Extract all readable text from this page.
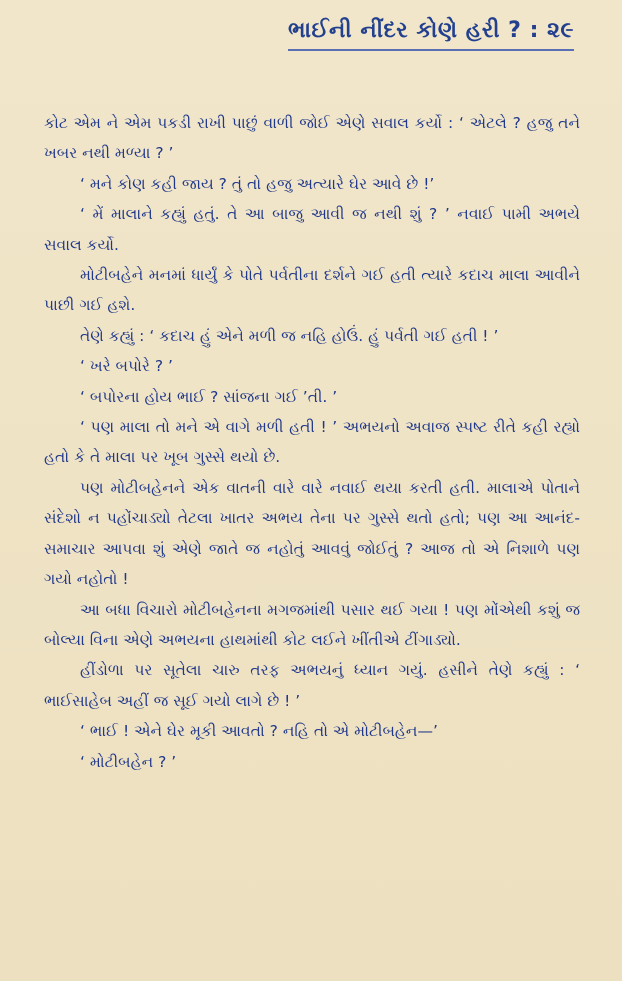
ભાઈની નીંદર કોણે હરી ? : ૨૯

કોટ એમ ને એમ પકડી રાખી પાછું વાળી જોઈ એણે સવાલ કર્યો : ‘ એટલે ? હજુ તને ખબર નથી મળ્યા ? ’

‘ મને કોણ કહી જાય ? તું તો હજુ અત્યારે ઘેર આવે છે !’

‘ મેં માલાને કહ્યું હતું. તે આ બાજુ આવી જ નથી શું ? ’ નવાઈ પામી અભયે સવાલ કર્યો.

મોટીબહેને મનમાં ધાર્યું કે પોતે પર્વતીના દર્શને ગઈ હતી ત્યારે કદાચ માલા આવીને પાછી ગઈ હશે.

તેણે કહ્યું : ‘ કદાચ હું એને મળી જ નહિ હોઉં. હું પર્વતી ગઈ હતી ! ’

‘ ખરે બપોરે ? ’

‘ બપોરના હોય ભાઈ ? સાંજના ગઈ ’તી. ’

‘ પણ માલા તો મને એ વાગે મળી હતી ! ’ અભયનો અવાજ સ્પષ્ટ રીતે કહી રહ્યો હતો કે તે માલા પર ખૂબ ગુસ્સે થયો છે.

પણ મોટીબહેનને એક વાતની વારે વારે નવાઈ થયા કરતી હતી. માલાએ પોતાને સંદેશો ન પહોંચાડ્યો તેટલા ખાતર અભય તેના પર ગુસ્સે થતો હતો; પણ આ આનંદ-સમાચાર આપવા શું એણે જાતે જ નહોતું આવવું જોઈતું ? આજ તો એ નિશાળે પણ ગયો નહોતો !

આ બધા વિચારો મોટીબહેનના મગજમાંથી પસાર થઈ ગયા ! પણ મોંએથી કશું જ બોલ્યા વિના એણે અભયના હાથમાંથી કોટ લઈને ખીંતીએ ટીંગાડ્યો.

હીંડોળા પર સૂતેલા ચારુ તરફ અભયનું ધ્યાન ગયું. હસીને તેણે કહ્યું : ‘ ભાઈસાહેબ અહીં જ સૂઈ ગયો લાગે છે ! ’

‘ ભાઈ ! એને ઘેર મૂકી આવતો ? નહિ તો એ મોટીબહેન—’

‘ મોટીબહેન ? ’
